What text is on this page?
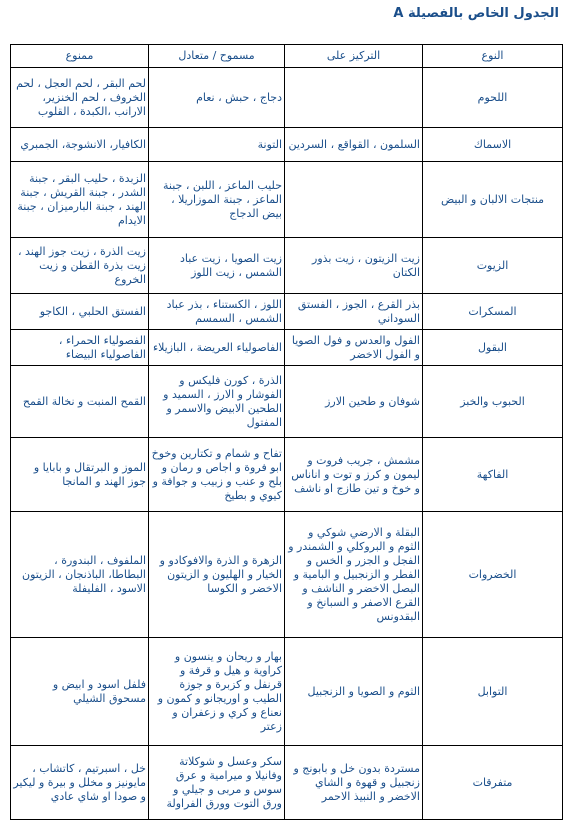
الجدول الخاص بالفصيلة A
النوع	التركيز على	مسموح / متعادل	ممنوع
اللحوم		دجاج ، حبش ، نعام	لحم البقر ، لحم العجل ، لحم الخروف ، لحم الخنزير، الارانب ،الكبدة ، القلوب
الاسماك	السلمون ، القواقع ، السردين	التونة	الكافيار، الانشوجة، الجمبري
منتجات الالبان و البيض		حليب الماعز ، اللبن ، جبنة الماعز ، جبنة الموزاريلا ، بيض الدجاج	الزبدة ، حليب البقر ، جبنة الشدر ، جبنة القريش ، جبنة الهند ، جبنة البارميزان ، جبنة الايدام
الزيوت	زيت الزيتون ، زيت بذور الكتان	زيت الصويا ، زيت عباد الشمس ، زيت اللوز	زيت الذرة ، زيت جوز الهند ، زيت بذرة القطن و زيت الخروع
المسكرات	بذر القرع ، الجوز ، الفستق السوداني	اللوز ، الكستناء ، بذر عباد الشمس ، السمسم	الفستق الحلبي ، الكاجو
البقول	الفول والعدس و فول الصويا و الفول الاخضر	الفاصولياء العريضة ، البازيلاء	الفصولياء الحمراء ، الفاصولياء البيضاء
الحبوب والخبز	شوفان و طحين الارز	الذرة ، كورن فليكس و الفوشار و الارز ، السميد و الطحين الابيض والاسمر و المفتول	القمح المنبت و نخالة القمح
الفاكهة	مشمش ، جريب فروت و ليمون و كرز و توت و اناناس و خوخ و تين طازج او ناشف	تفاح و شمام و تكتارين وخوخ ابو فروة و اجاص و رمان و بلح و عنب و زبيب و جوافة و كيوي و بطيخ	الموز و البرتقال و بابايا و جوز الهند و المانجا
الخضروات	البقلة و الارضي شوكي و الثوم و البروكلي و الشمندر و الفجل و الجزر و الخس و الفطر و الزنجبيل و البامية و البصل الاخضر و الناشف و القرع الاصفر و السبانخ و البقدونس	الزهرة و الذرة والافوكادو و الخيار و الهليون و الزيتون الاخضر و الكوسا	الملفوف ، البندورة ، البطاطا، الباذنجان ، الزيتون الاسود ، الفليفلة
التوابل	الثوم و الصويا و الزنجبيل	بهار و ريحان و ينسون و كراوية و هيل و قرفة و قرنفل و كزبرة و جوزة الطيب و اوريجانو و كمون و نعناع و كري و زعفران و زعتر	فلفل اسود و ابيض و مسحوق الشيلي
متفرقات	مستردة بدون خل و بابونج و زنجبيل و قهوة و الشاي الاخضر و النبيذ الاحمر	سكر وعسل و شوكلاتة وفانيلا و ميرامية و عرق سوس و مربى و جيلي و ورق التوت وورق الفراولة	خل ، اسبرتيم ، كاتشاب ، مايونيز و مخلل و بيرة و ليكير و صودا او شاي عادي
